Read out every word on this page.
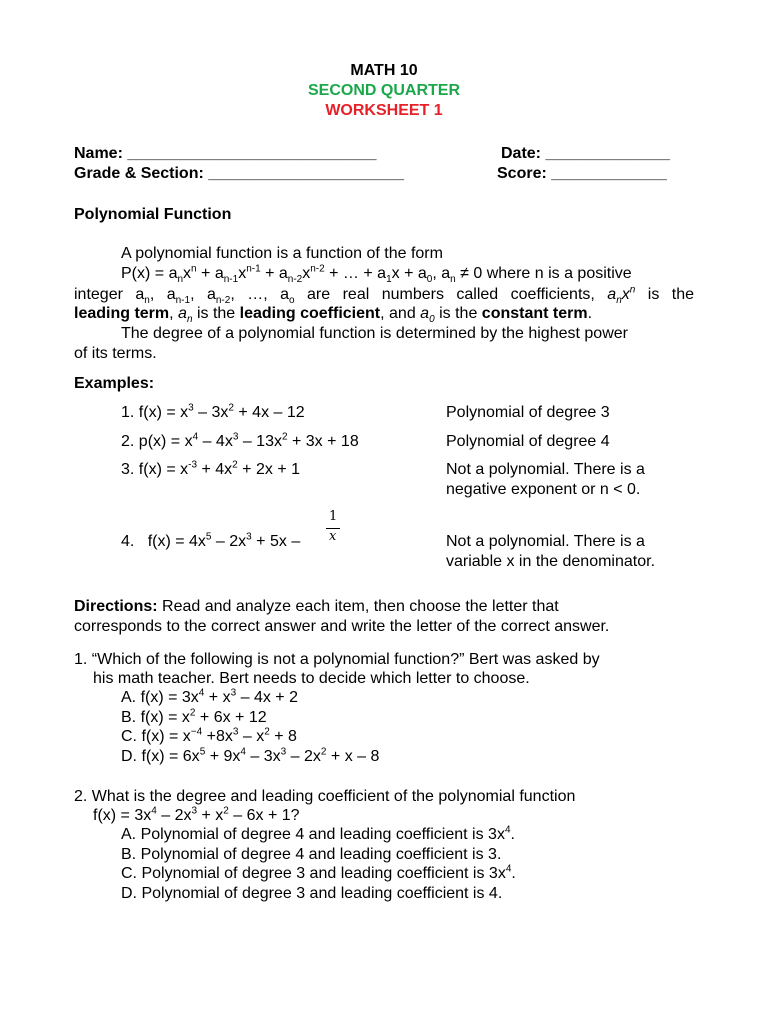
MATH 10
SECOND QUARTER
WORKSHEET 1
Name: ____________________________	Date: ______________
Grade & Section: ______________________	Score: _____________
Polynomial Function
A polynomial function is a function of the form
$P(x) = a_nx^n + a_{n-1}x^{n-1} + a_{n-2}x^{n-2}$ + … + $a_1x + a_0$, $a_n \ne 0$ where n is a positive
integer $a_n$, $a_{n-1}$, $a_{n-2}$, …, $a_o$ are real numbers called coefficients, $a_nx^n$ is the
leading term, $a_n$ is the leading coefficient, and $a_0$ is the constant term.
The degree of a polynomial function is determined by the highest power
of its terms.
Examples:
1. $f(x) = x^3 - 3x^2 + 4x - 12$	Polynomial of degree 3
2. $p(x) = x^4 - 4x^3 - 13x^2 + 3x + 18$	Polynomial of degree 4
3. $f(x) = x^{-3} + 4x^2 + 2x + 1$	Not a polynomial. There is a
negative exponent or n < 0.
4. $f(x) = 4x^5 - 2x^3 + 5x$ –
1
x	Not a polynomial. There is a
variable x in the denominator.
Directions: Read and analyze each item, then choose the letter that
corresponds to the correct answer and write the letter of the correct answer.
1. “Which of the following is not a polynomial function?” Bert was asked by
his math teacher. Bert needs to decide which letter to choose.
A. $f(x) = 3x^4 + x^3 - 4x + 2$
B. $f(x) = x^2 + 6x + 12$
C. $f(x) = x^{-4} +8x^3 - x^2 + 8$
D. $f(x) = 6x^5 + 9x^4 - 3x^3 - 2x^2 + x - 8$
2. What is the degree and leading coefficient of the polynomial function
$f(x) = 3x^4 - 2x^3 + x^2 - 6x + 1$?
A. Polynomial of degree 4 and leading coefficient is $3x^4$.
B. Polynomial of degree 4 and leading coefficient is 3.
C. Polynomial of degree 3 and leading coefficient is $3x^4$.
D. Polynomial of degree 3 and leading coefficient is 4.
